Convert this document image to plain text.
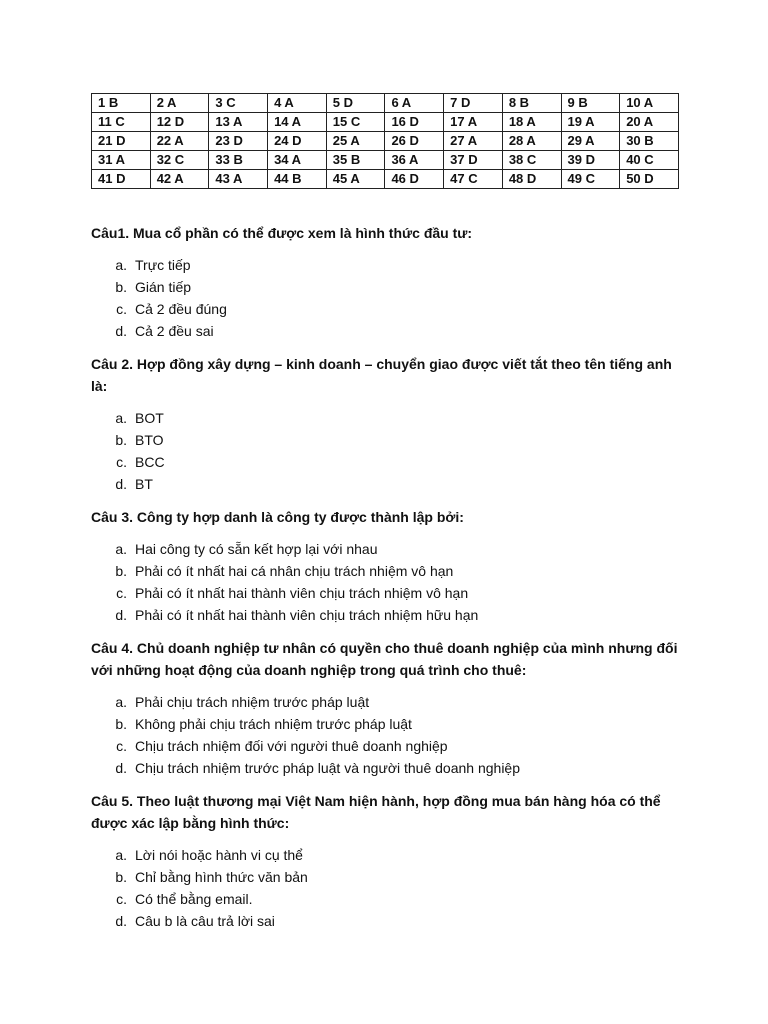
1 B	2 A	3 C	4 A	5 D	6 A	7 D	8 B	9 B	10 A
11 C	12 D	13 A	14 A	15 C	16 D	17 A	18 A	19 A	20 A
21 D	22 A	23 D	24 D	25 A	26 D	27 A	28 A	29 A	30 B
31 A	32 C	33 B	34 A	35 B	36 A	37 D	38 C	39 D	40 C
41 D	42 A	43 A	44 B	45 A	46 D	47 C	48 D	49 C	50 D
Câu1. Mua cổ phần có thể được xem là hình thức đầu tư:
a. Trực tiếp
b. Gián tiếp
c. Cả 2 đều đúng
d. Cả 2 đều sai
Câu 2. Hợp đồng xây dựng – kinh doanh – chuyển giao được viết tắt theo tên tiếng anh là:
a. BOT
b. BTO
c. BCC
d. BT
Câu 3. Công ty hợp danh là công ty được thành lập bởi:
a. Hai công ty có sẵn kết hợp lại với nhau
b. Phải có ít nhất hai cá nhân chịu trách nhiệm vô hạn
c. Phải có ít nhất hai thành viên chịu trách nhiệm vô hạn
d. Phải có ít nhất hai thành viên chịu trách nhiệm hữu hạn
Câu 4. Chủ doanh nghiệp tư nhân có quyền cho thuê doanh nghiệp của mình nhưng đối với những hoạt động của doanh nghiệp trong quá trình cho thuê:
a. Phải chịu trách nhiệm trước pháp luật
b. Không phải chịu trách nhiệm trước pháp luật
c. Chịu trách nhiệm đối với người thuê doanh nghiệp
d. Chịu trách nhiệm trước pháp luật và người thuê doanh nghiệp
Câu 5. Theo luật thương mại Việt Nam hiện hành, hợp đồng mua bán hàng hóa có thể được xác lập bằng hình thức:
a. Lời nói hoặc hành vi cụ thể
b. Chỉ bằng hình thức văn bản
c. Có thể bằng email.
d. Câu b là câu trả lời sai
